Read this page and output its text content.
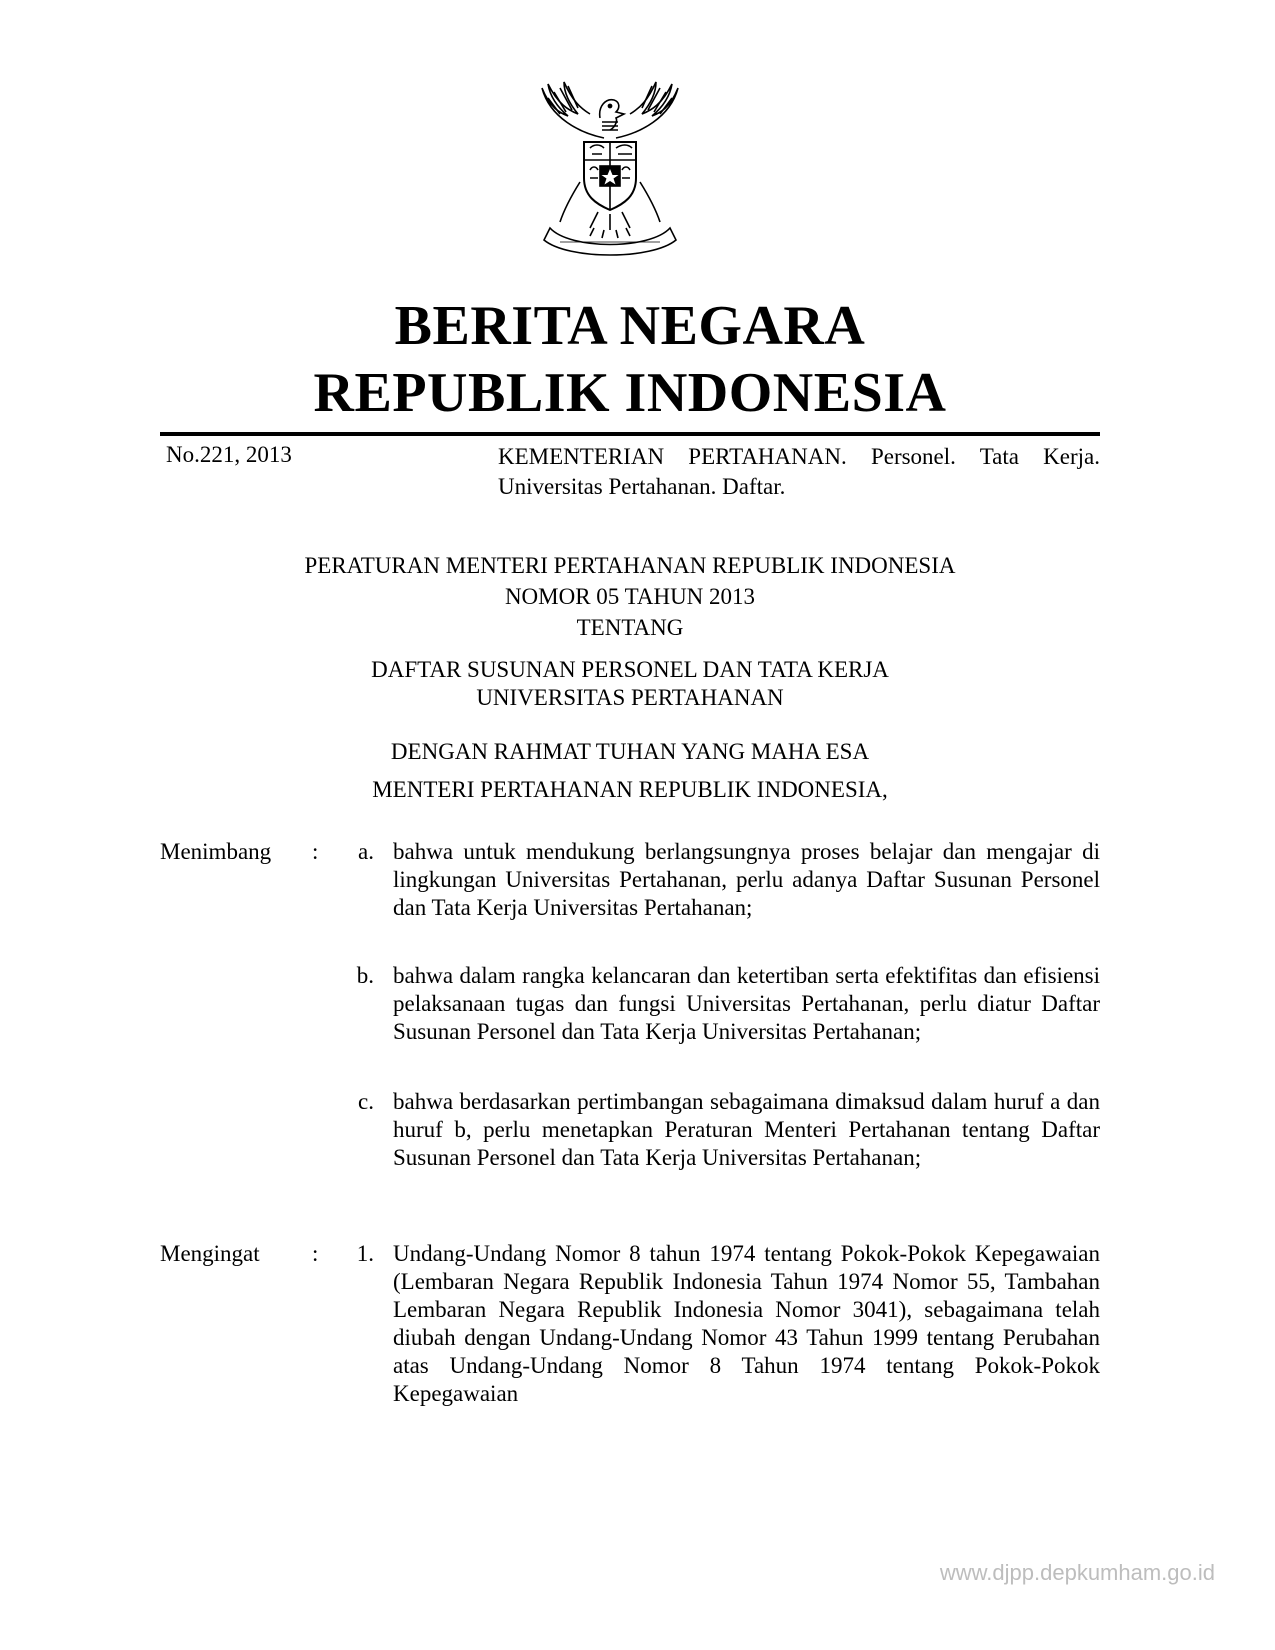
BERITA NEGARA
REPUBLIK INDONESIA
No.221, 2013	KEMENTERIAN PERTAHANAN. Personel. Tata Kerja. Universitas Pertahanan. Daftar.
PERATURAN MENTERI PERTAHANAN REPUBLIK INDONESIA
NOMOR 05 TAHUN 2013
TENTANG
DAFTAR SUSUNAN PERSONEL DAN TATA KERJA
UNIVERSITAS PERTAHANAN
DENGAN RAHMAT TUHAN YANG MAHA ESA
MENTERI PERTAHANAN REPUBLIK INDONESIA,
Menimbang :	a. bahwa untuk mendukung berlangsungnya proses belajar dan mengajar di lingkungan Universitas Pertahanan, perlu adanya Daftar Susunan Personel dan Tata Kerja Universitas Pertahanan;
b. bahwa dalam rangka kelancaran dan ketertiban serta efektifitas dan efisiensi pelaksanaan tugas dan fungsi Universitas Pertahanan, perlu diatur Daftar Susunan Personel dan Tata Kerja Universitas Pertahanan;
c. bahwa berdasarkan pertimbangan sebagaimana dimaksud dalam huruf a dan huruf b, perlu menetapkan Peraturan Menteri Pertahanan tentang Daftar Susunan Personel dan Tata Kerja Universitas Pertahanan;
Mengingat :	1. Undang-Undang Nomor 8 tahun 1974 tentang Pokok-Pokok Kepegawaian (Lembaran Negara Republik Indonesia Tahun 1974 Nomor 55, Tambahan Lembaran Negara Republik Indonesia Nomor 3041), sebagaimana telah diubah dengan Undang-Undang Nomor 43 Tahun 1999 tentang Perubahan atas Undang-Undang Nomor 8 Tahun 1974 tentang Pokok-Pokok Kepegawaian
www.djpp.depkumham.go.id
